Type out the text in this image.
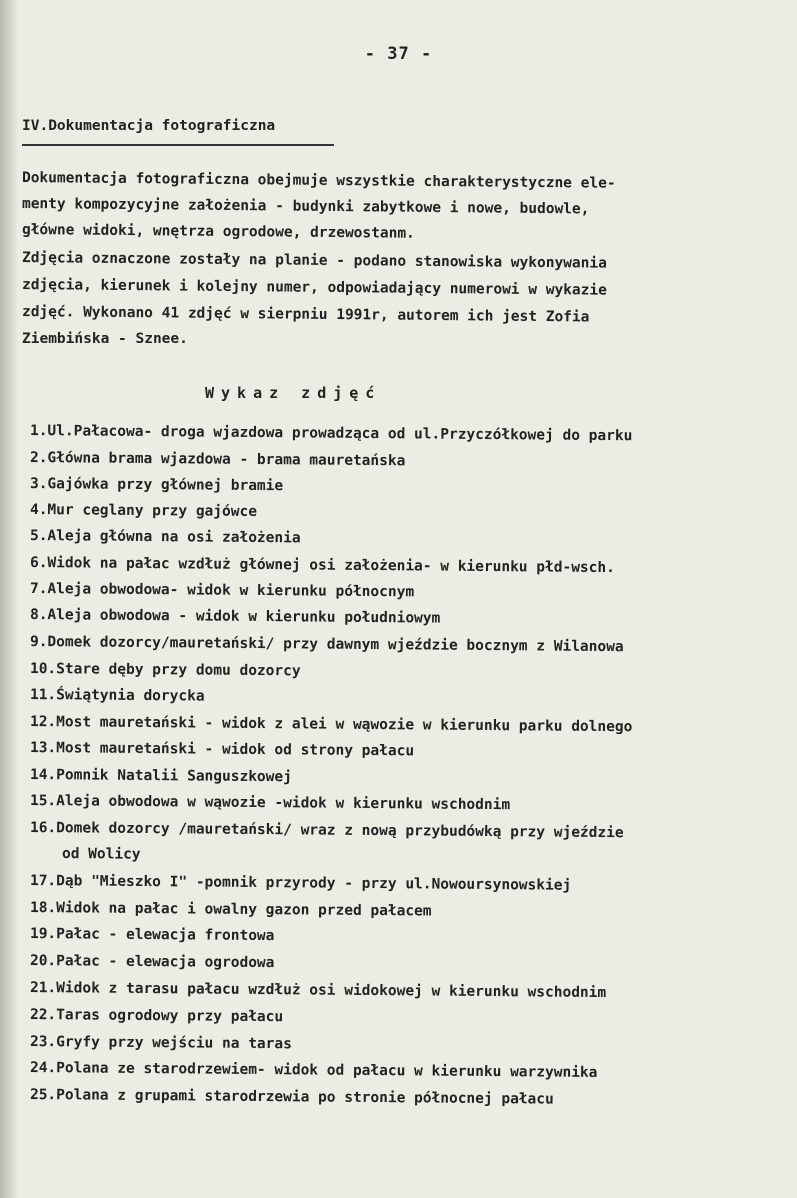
- 37 -
IV.Dokumentacja fotograficzna
Dokumentacja fotograficzna obejmuje wszystkie charakterystyczne ele-
menty kompozycyjne założenia - budynki zabytkowe i nowe, budowle,
główne widoki, wnętrza ogrodowe, drzewostanm.
Zdjęcia oznaczone zostały na planie - podano stanowiska wykonywania
zdjęcia, kierunek i kolejny numer, odpowiadający numerowi w wykazie
zdjęć. Wykonano 41 zdjęć w sierpniu 1991r, autorem ich jest Zofia
Ziembińska - Sznee.
Wykaz zdjęć
1.Ul.Pałacowa- droga wjazdowa prowadząca od ul.Przyczółkowej do parku
2.Główna brama wjazdowa - brama mauretańska
3.Gajówka przy głównej bramie
4.Mur ceglany przy gajówce
5.Aleja główna na osi założenia
6.Widok na pałac wzdłuż głównej osi założenia- w kierunku płd-wsch.
7.Aleja obwodowa- widok w kierunku północnym
8.Aleja obwodowa - widok w kierunku południowym
9.Domek dozorcy/mauretański/ przy dawnym wjeździe bocznym z Wilanowa
10.Stare dęby przy domu dozorcy
11.Świątynia dorycka
12.Most mauretański - widok z alei w wąwozie w kierunku parku dolnego
13.Most mauretański - widok od strony pałacu
14.Pomnik Natalii Sanguszkowej
15.Aleja obwodowa w wąwozie -widok w kierunku wschodnim
16.Domek dozorcy /mauretański/ wraz z nową przybudówką przy wjeździe
od Wolicy
17.Dąb "Mieszko I" -pomnik przyrody - przy ul.Nowoursynowskiej
18.Widok na pałac i owalny gazon przed pałacem
19.Pałac - elewacja frontowa
20.Pałac - elewacja ogrodowa
21.Widok z tarasu pałacu wzdłuż osi widokowej w kierunku wschodnim
22.Taras ogrodowy przy pałacu
23.Gryfy przy wejściu na taras
24.Polana ze starodrzewiem- widok od pałacu w kierunku warzywnika
25.Polana z grupami starodrzewia po stronie północnej pałacu
